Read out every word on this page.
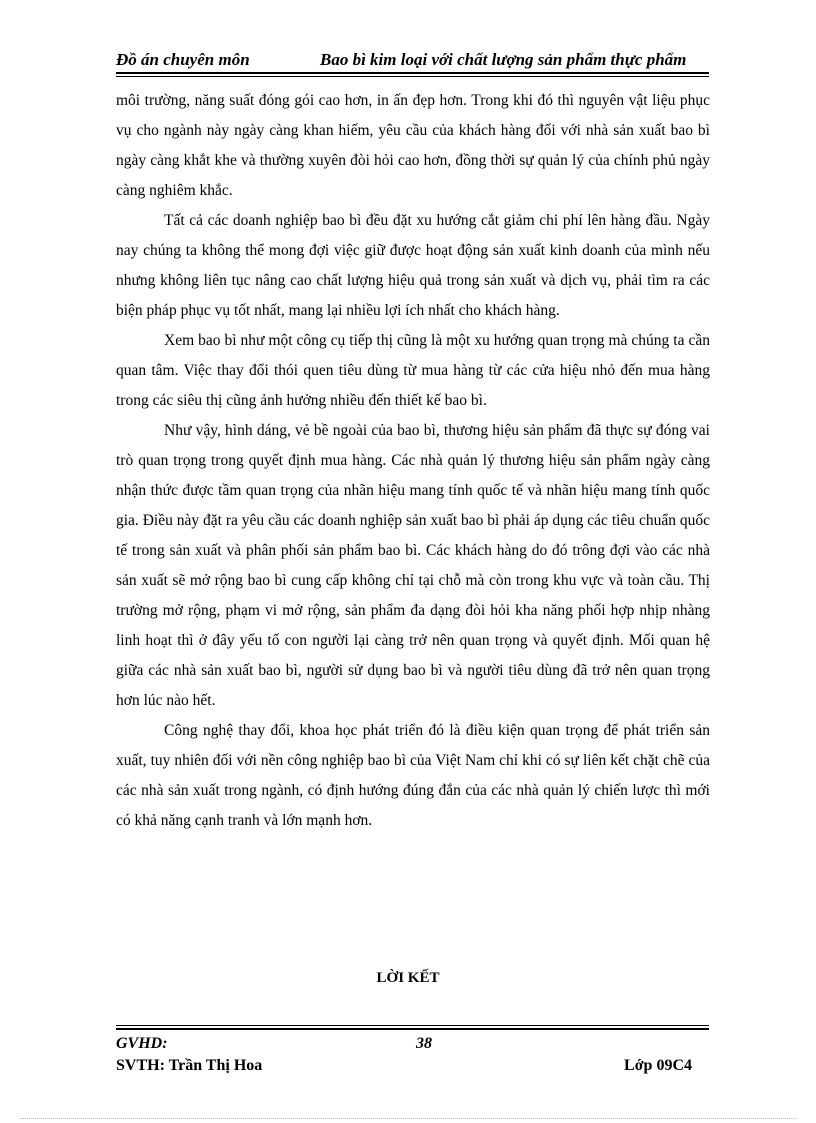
Đồ án chuyên môn	Bao bì kim loại với chất lượng sản phẩm thực phẩm

môi trường, năng suất đóng gói cao hơn, in ấn đẹp hơn. Trong khi đó thì nguyên vật liệu phục vụ cho ngành này ngày càng khan hiếm, yêu cầu của khách hàng đối với nhà sản xuất bao bì ngày càng khắt khe và thường xuyên đòi hỏi cao hơn, đồng thời sự quản lý của chính phủ ngày càng nghiêm khắc.

Tất cả các doanh nghiệp bao bì đều đặt xu hướng cắt giảm chi phí lên hàng đầu. Ngày nay chúng ta không thể mong đợi việc giữ được hoạt động sản xuất kinh doanh của mình nếu nhưng không liên tục nâng cao chất lượng hiệu quả trong sản xuất và dịch vụ, phải tìm ra các biện pháp phục vụ tốt nhất, mang lại nhiều lợi ích nhất cho khách hàng.

Xem bao bì như một công cụ tiếp thị cũng là một xu hướng quan trọng mà chúng ta cần quan tâm. Việc thay đổi thói quen tiêu dùng từ mua hàng từ các cửa hiệu nhỏ đến mua hàng trong các siêu thị cũng ảnh hưởng nhiều đến thiết kế bao bì.

Như vậy, hình dáng, vẻ bề ngoài của bao bì, thương hiệu sản phẩm đã thực sự đóng vai trò quan trọng trong quyết định mua hàng. Các nhà quản lý thương hiệu sản phẩm ngày càng nhận thức được tầm quan trọng của nhãn hiệu mang tính quốc tế và nhãn hiệu mang tính quốc gia. Điều này đặt ra yêu cầu các doanh nghiệp sản xuất bao bì phải áp dụng các tiêu chuẩn quốc tế trong sản xuất và phân phối sản phẩm bao bì. Các khách hàng do đó trông đợi vào các nhà sản xuất sẽ mở rộng bao bì cung cấp không chỉ tại chỗ mà còn trong khu vực và toàn cầu. Thị trường mở rộng, phạm vi mở rộng, sản phẩm đa dạng đòi hỏi kha năng phối hợp nhịp nhàng linh hoạt thì ở đây yếu tố con người lại càng trở nên quan trọng và quyết định. Mối quan hệ giữa các nhà sản xuất bao bì, người sử dụng bao bì và người tiêu dùng đã trở nên quan trọng hơn lúc nào hết.

Công nghệ thay đổi, khoa học phát triển đó là điều kiện quan trọng để phát triển sản xuất, tuy nhiên đối với nền công nghiệp bao bì của Việt Nam chỉ khi có sự liên kết chặt chẽ của các nhà sản xuất trong ngành, có định hướng đúng đắn của các nhà quản lý chiến lược thì mới có khả năng cạnh tranh và lớn mạnh hơn.

LỜI KẾT
GVHD:	38
SVTH: Trần Thị Hoa	Lớp 09C4
